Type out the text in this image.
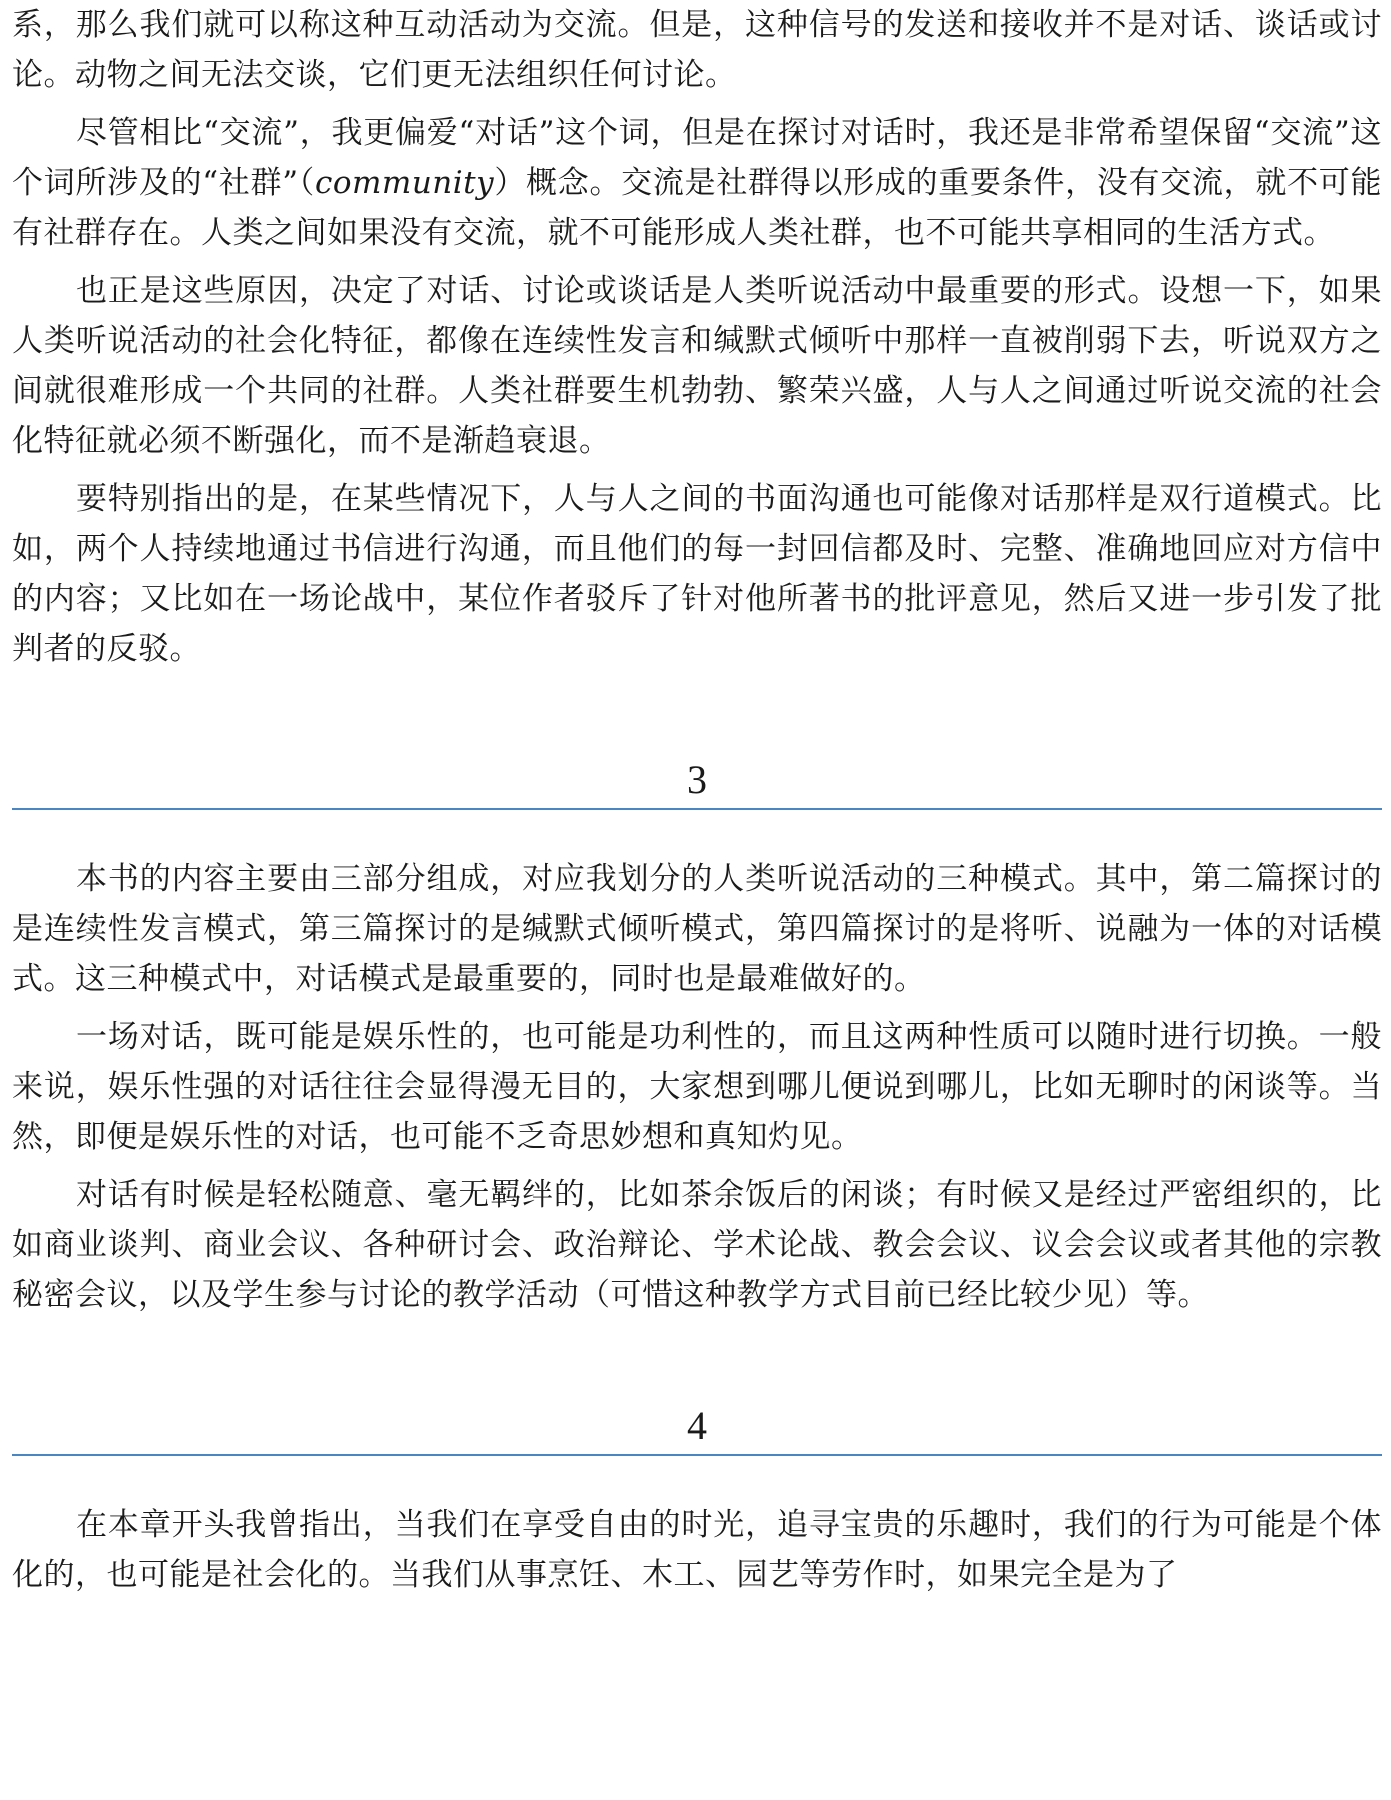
系，那么我们就可以称这种互动活动为交流。但是，这种信号的发送和接收并不是对话、谈话或讨论。动物之间无法交谈，它们更无法组织任何讨论。

尽管相比“交流”，我更偏爱“对话”这个词，但是在探讨对话时，我还是非常希望保留“交流”这个词所涉及的“社群”（community）概念。交流是社群得以形成的重要条件，没有交流，就不可能有社群存在。人类之间如果没有交流，就不可能形成人类社群，也不可能共享相同的生活方式。

也正是这些原因，决定了对话、讨论或谈话是人类听说活动中最重要的形式。设想一下，如果人类听说活动的社会化特征，都像在连续性发言和缄默式倾听中那样一直被削弱下去，听说双方之间就很难形成一个共同的社群。人类社群要生机勃勃、繁荣兴盛，人与人之间通过听说交流的社会化特征就必须不断强化，而不是渐趋衰退。

要特别指出的是，在某些情况下，人与人之间的书面沟通也可能像对话那样是双行道模式。比如，两个人持续地通过书信进行沟通，而且他们的每一封回信都及时、完整、准确地回应对方信中的内容；又比如在一场论战中，某位作者驳斥了针对他所著书的批评意见，然后又进一步引发了批判者的反驳。

3

本书的内容主要由三部分组成，对应我划分的人类听说活动的三种模式。其中，第二篇探讨的是连续性发言模式，第三篇探讨的是缄默式倾听模式，第四篇探讨的是将听、说融为一体的对话模式。这三种模式中，对话模式是最重要的，同时也是最难做好的。

一场对话，既可能是娱乐性的，也可能是功利性的，而且这两种性质可以随时进行切换。一般来说，娱乐性强的对话往往会显得漫无目的，大家想到哪儿便说到哪儿，比如无聊时的闲谈等。当然，即便是娱乐性的对话，也可能不乏奇思妙想和真知灼见。

对话有时候是轻松随意、毫无羁绊的，比如茶余饭后的闲谈；有时候又是经过严密组织的，比如商业谈判、商业会议、各种研讨会、政治辩论、学术论战、教会会议、议会会议或者其他的宗教秘密会议，以及学生参与讨论的教学活动（可惜这种教学方式目前已经比较少见）等。

4

在本章开头我曾指出，当我们在享受自由的时光，追寻宝贵的乐趣时，我们的行为可能是个体化的，也可能是社会化的。当我们从事烹饪、木工、园艺等劳作时，如果完全是为了
